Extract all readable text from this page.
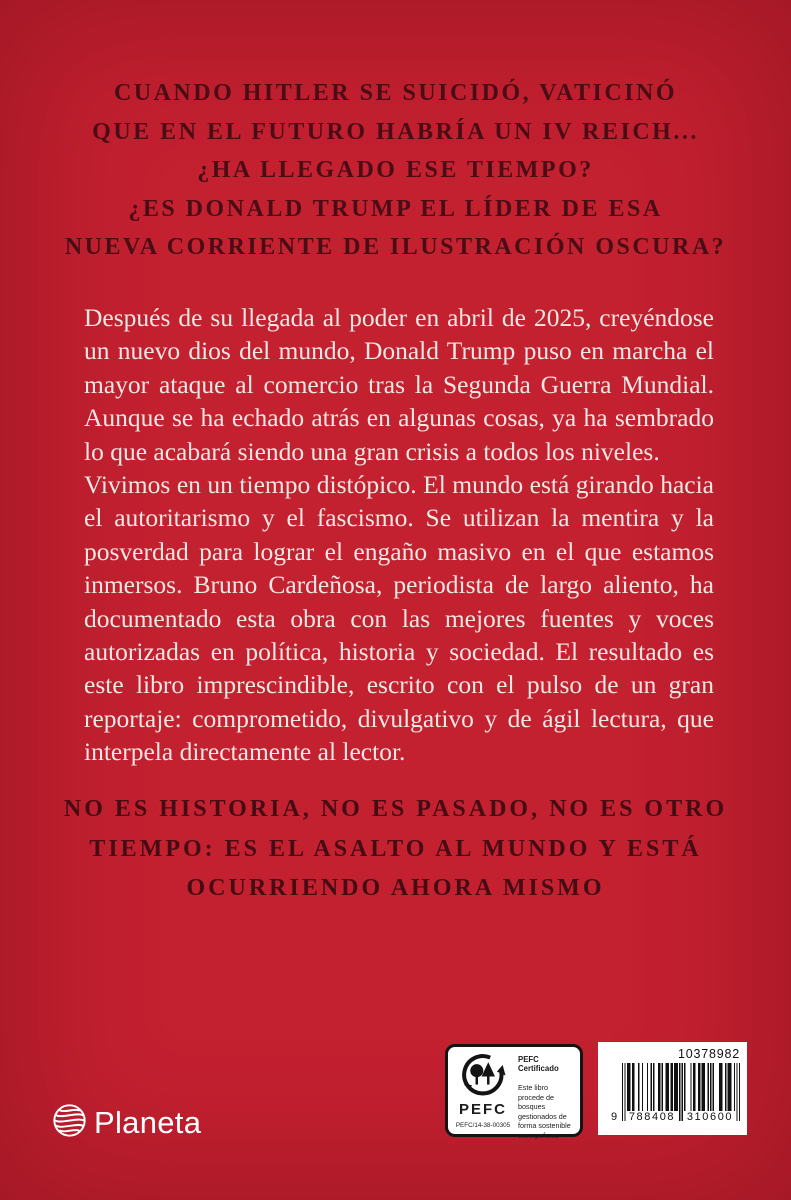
CUANDO HITLER SE SUICIDÓ, VATICINÓ
QUE EN EL FUTURO HABRÍA UN IV REICH...
¿HA LLEGADO ESE TIEMPO?
¿ES DONALD TRUMP EL LÍDER DE ESA
NUEVA CORRIENTE DE ILUSTRACIÓN OSCURA?

Después de su llegada al poder en abril de 2025, creyéndose un nuevo dios del mundo, Donald Trump puso en marcha el mayor ataque al comercio tras la Segunda Guerra Mundial. Aunque se ha echado atrás en algunas cosas, ya ha sembrado lo que acabará siendo una gran crisis a todos los niveles.

Vivimos en un tiempo distópico. El mundo está girando hacia el autoritarismo y el fascismo. Se utilizan la mentira y la posverdad para lograr el engaño masivo en el que estamos inmersos. Bruno Cardeñosa, periodista de largo aliento, ha documentado esta obra con las mejores fuentes y voces autorizadas en política, historia y sociedad. El resultado es este libro imprescindible, escrito con el pulso de un gran reportaje: comprometido, divulgativo y de ágil lectura, que interpela directamente al lector.

NO ES HISTORIA, NO ES PASADO, NO ES OTRO
TIEMPO: ES EL ASALTO AL MUNDO Y ESTÁ
OCURRIENDO AHORA MISMO
Planeta	PEFC
PEFC/14-38-00305
PEFC Certificado
Este libro procede de bosques gestionados de forma sostenible
www.pefc.es
10378982
9 788408 310600
